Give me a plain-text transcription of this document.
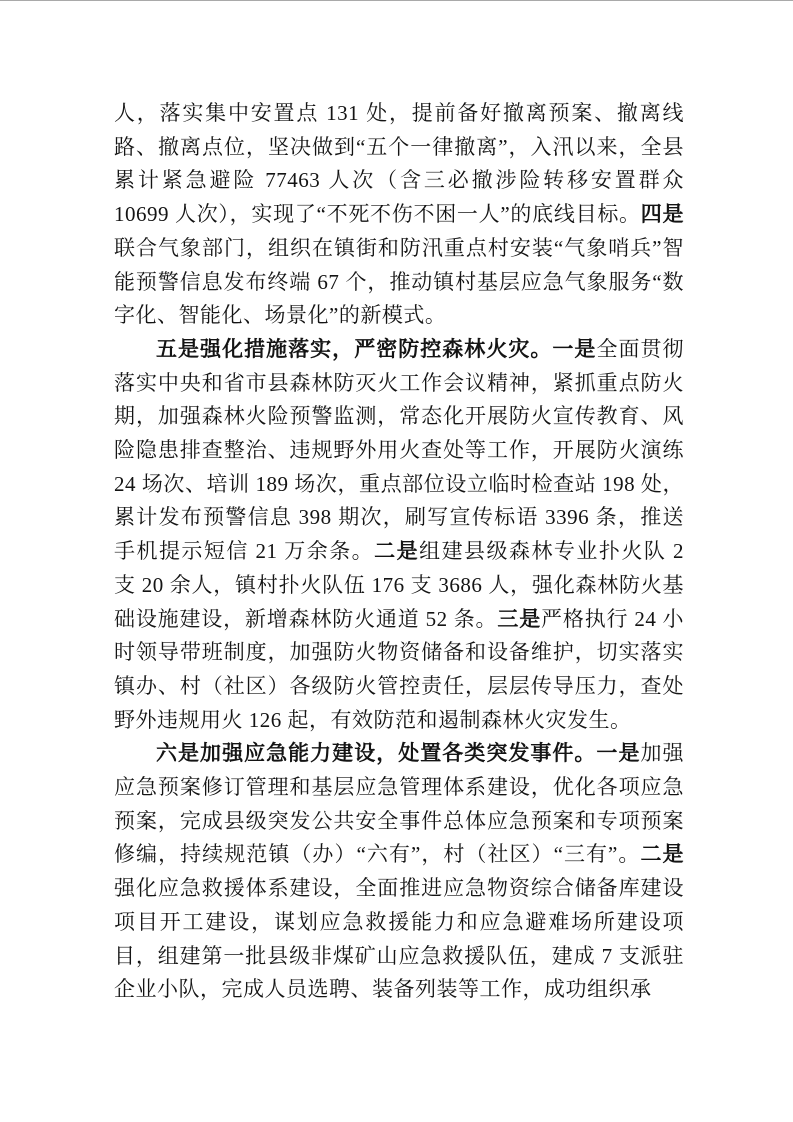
人，落实集中安置点 131 处，提前备好撤离预案、撤离线路、撤离点位，坚决做到“五个一律撤离”，入汛以来，全县累计紧急避险 77463 人次（含三必撤涉险转移安置群众 10699 人次），实现了“不死不伤不困一人”的底线目标。四是联合气象部门，组织在镇街和防汛重点村安装“气象哨兵”智能预警信息发布终端 67 个，推动镇村基层应急气象服务“数字化、智能化、场景化”的新模式。

五是强化措施落实，严密防控森林火灾。一是全面贯彻落实中央和省市县森林防灭火工作会议精神，紧抓重点防火期，加强森林火险预警监测，常态化开展防火宣传教育、风险隐患排查整治、违规野外用火查处等工作，开展防火演练 24 场次、培训 189 场次，重点部位设立临时检查站 198 处，累计发布预警信息 398 期次，刷写宣传标语 3396 条，推送手机提示短信 21 万余条。二是组建县级森林专业扑火队 2 支 20 余人，镇村扑火队伍 176 支 3686 人，强化森林防火基础设施建设，新增森林防火通道 52 条。三是严格执行 24 小时领导带班制度，加强防火物资储备和设备维护，切实落实镇办、村（社区）各级防火管控责任，层层传导压力，查处野外违规用火 126 起，有效防范和遏制森林火灾发生。

六是加强应急能力建设，处置各类突发事件。一是加强应急预案修订管理和基层应急管理体系建设，优化各项应急预案，完成县级突发公共安全事件总体应急预案和专项预案修编，持续规范镇（办）“六有”，村（社区）“三有”。二是强化应急救援体系建设，全面推进应急物资综合储备库建设项目开工建设，谋划应急救援能力和应急避难场所建设项目，组建第一批县级非煤矿山应急救援队伍，建成 7 支派驻企业小队，完成人员选聘、装备列装等工作，成功组织承
